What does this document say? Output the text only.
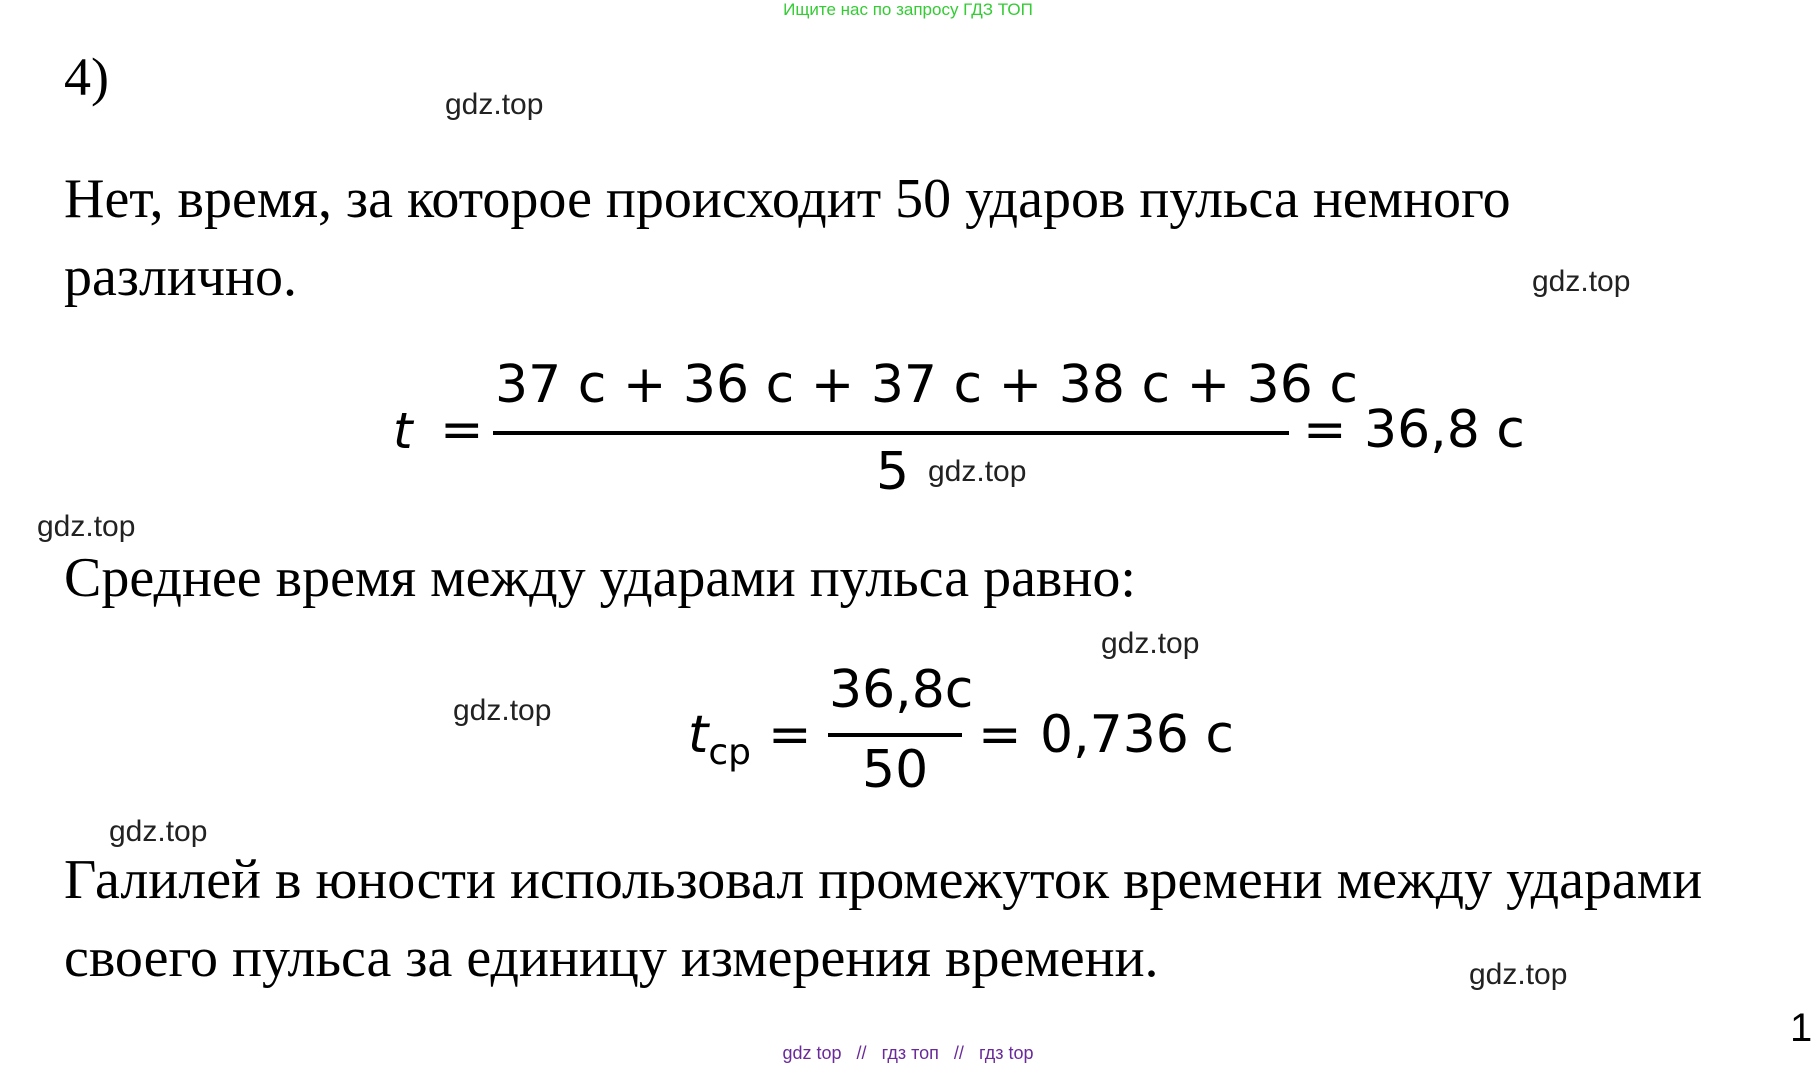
Ищите нас по запросу ГДЗ ТОП
4)	gdz.top
gdz.top
gdz.top
gdz.top
gdz.top
gdz.top
gdz.top
gdz.top
Нет, время, за которое происходит 50 ударов пульса немного
различно.
t =
37 с + 36 с + 37 с + 38 с + 36 с
5
= 36,8 с
Среднее время между ударами пульса равно:
$t_{ср}$ =
36,8с
50
= 0,736 с
Галилей в юности использовал промежуток времени между ударами
своего пульса за единицу измерения времени.
1
gdz top // гдз топ // гдз top
